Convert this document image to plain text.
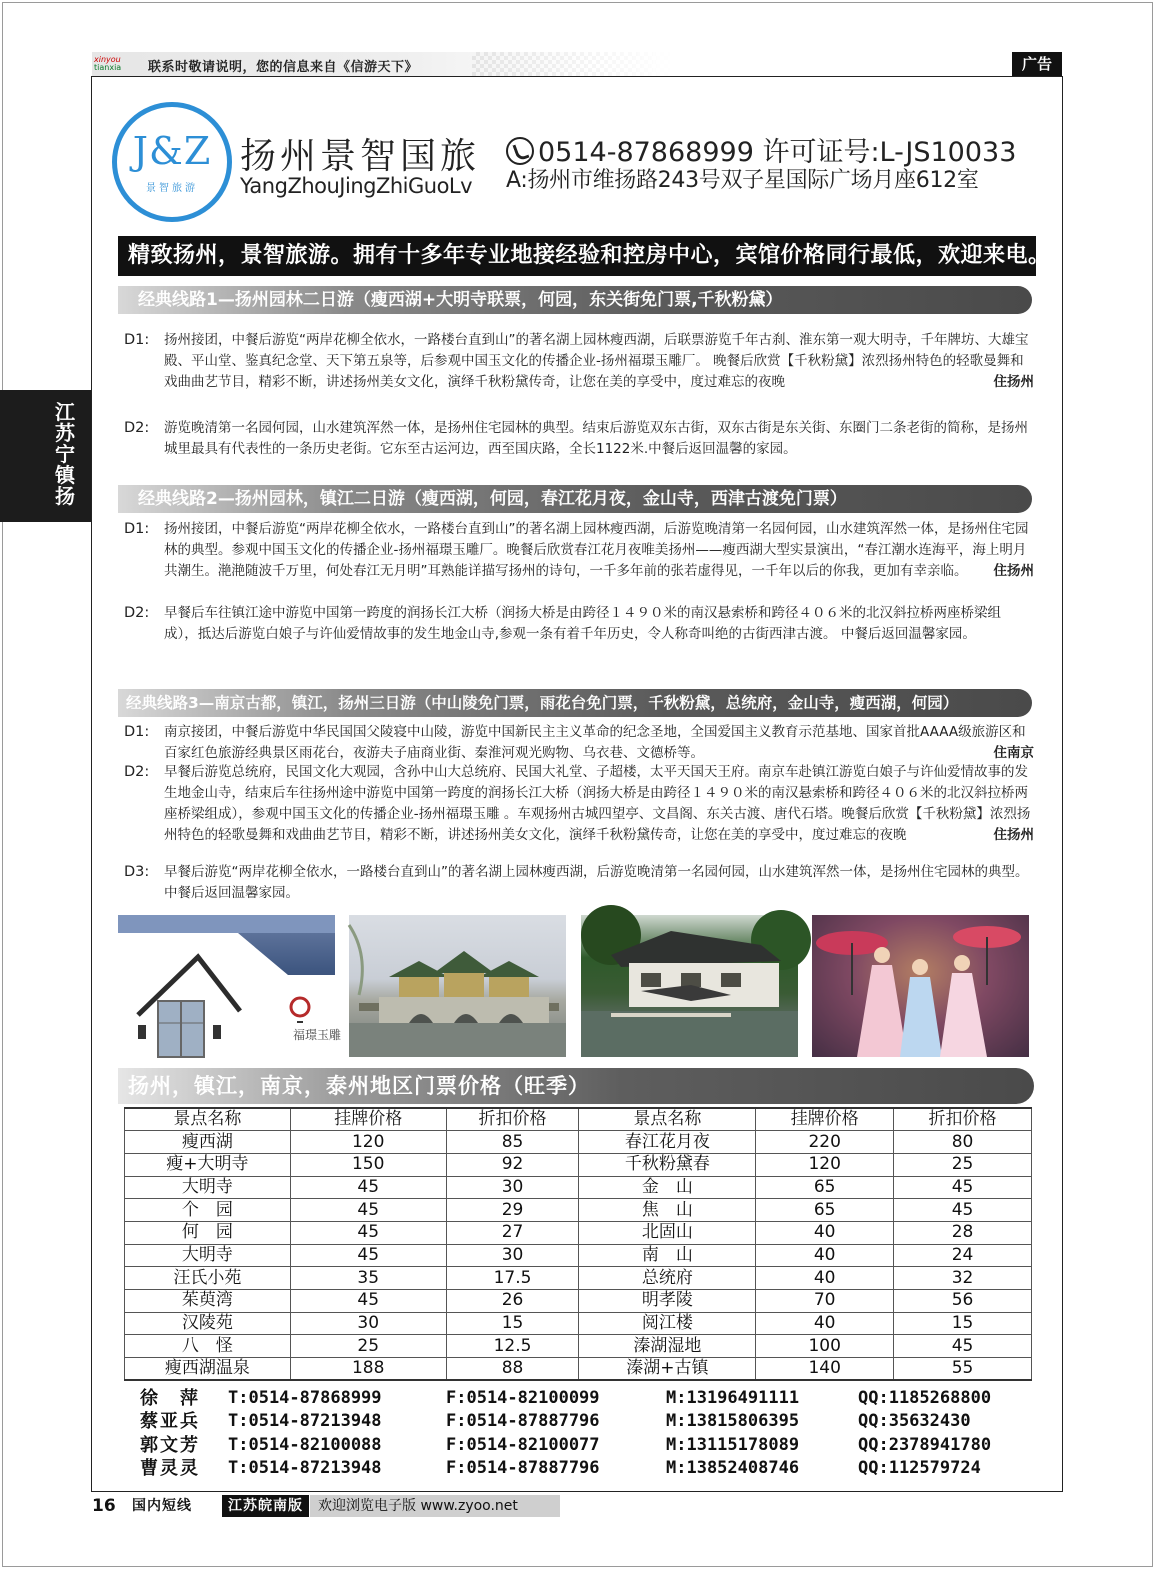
xinyou
tianxia	联系时敬请说明，您的信息来自《信游天下》	广告
江苏宁镇扬
J&Z
景智旅游
扬州景智国旅
YangZhouJingZhiGuoLv
0514-87868999 许可证号:L-JS10033
A:扬州市维扬路243号双子星国际广场月座612室
精致扬州，景智旅游。拥有十多年专业地接经验和控房中心，宾馆价格同行最低，欢迎来电。
经典线路1—扬州园林二日游（瘦西湖+大明寺联票，何园，东关街免门票,千秋粉黛）
D1: 扬州接团，中餐后游览“两岸花柳全依水，一路楼台直到山”的著名湖上园林瘦西湖，后联票游览千年古刹、淮东第一观大明寺，千年牌坊、大雄宝殿、平山堂、鉴真纪念堂、天下第五泉等，后参观中国玉文化的传播企业-扬州福璟玉雕厂。 晚餐后欣赏【千秋粉黛】浓烈扬州特色的轻歌曼舞和戏曲曲艺节目，精彩不断，讲述扬州美女文化，演绎千秋粉黛传奇，让您在美的享受中，度过难忘的夜晚	住扬州
D2: 游览晚清第一名园何园，山水建筑浑然一体，是扬州住宅园林的典型。结束后游览双东古街，双东古街是东关街、东圈门二条老街的简称，是扬州城里最具有代表性的一条历史老街。它东至古运河边，西至国庆路，全长1122米.中餐后返回温馨的家园。
经典线路2—扬州园林，镇江二日游（瘦西湖，何园，春江花月夜，金山寺，西津古渡免门票）
D1: 扬州接团，中餐后游览“两岸花柳全依水，一路楼台直到山”的著名湖上园林瘦西湖，后游览晚清第一名园何园，山水建筑浑然一体，是扬州住宅园林的典型。参观中国玉文化的传播企业-扬州福璟玉雕厂。晚餐后欣赏春江花月夜唯美扬州——瘦西湖大型实景演出，“春江潮水连海平，海上明月共潮生。滟滟随波千万里，何处春江无月明”耳熟能详描写扬州的诗句，一千多年前的张若虚得见，一千年以后的你我，更加有幸亲临。 住扬州
D2: 早餐后车往镇江途中游览中国第一跨度的润扬长江大桥（润扬大桥是由跨径１４９０米的南汉悬索桥和跨径４０６米的北汉斜拉桥两座桥梁组成），抵达后游览白娘子与许仙爱情故事的发生地金山寺,参观一条有着千年历史，令人称奇叫绝的古街西津古渡。 中餐后返回温馨家园。
经典线路3—南京古都，镇江，扬州三日游（中山陵免门票，雨花台免门票，千秋粉黛，总统府，金山寺，瘦西湖，何园）
D1: 南京接团，中餐后游览中华民国国父陵寝中山陵，游览中国新民主主义革命的纪念圣地，全国爱国主义教育示范基地、国家首批AAAA级旅游区和百家红色旅游经典景区雨花台，夜游夫子庙商业街、秦淮河观光购物、乌衣巷、文德桥等。	住南京
D2: 早餐后游览总统府，民国文化大观园，含孙中山大总统府、民国大礼堂、子超楼，太平天国天王府。南京车赴镇江游览白娘子与许仙爱情故事的发生地金山寺，结束后车往扬州途中游览中国第一跨度的润扬长江大桥（润扬大桥是由跨径１４９０米的南汉悬索桥和跨径４０６米的北汉斜拉桥两座桥梁组成），参观中国玉文化的传播企业-扬州福璟玉雕 。车观扬州古城四望亭、文昌阁、东关古渡、唐代石塔。晚餐后欣赏【千秋粉黛】浓烈扬州特色的轻歌曼舞和戏曲曲艺节目，精彩不断，讲述扬州美女文化，演绎千秋粉黛传奇，让您在美的享受中，度过难忘的夜晚	住扬州
D3: 早餐后游览“两岸花柳全依水，一路楼台直到山”的著名湖上园林瘦西湖，后游览晚清第一名园何园，山水建筑浑然一体，是扬州住宅园林的典型。 中餐后返回温馨家园。
福璟玉雕
扬州，镇江，南京，泰州地区门票价格（旺季）
景点名称	挂牌价格	折扣价格	景点名称	挂牌价格	折扣价格
瘦西湖	120	85	春江花月夜	220	80
瘦+大明寺	150	92	千秋粉黛春	120	25
大明寺	45	30	金　山	65	45
个　园	45	29	焦　山	65	45
何　园	45	27	北固山	40	28
大明寺	45	30	南　山	40	24
汪氏小苑	35	17.5	总统府	40	32
茱萸湾	45	26	明孝陵	70	56
汉陵苑	30	15	阅江楼	40	15
八　怪	25	12.5	溱湖湿地	100	45
瘦西湖温泉	188	88	溱湖+古镇	140	55
徐　萍 T:0514-87868999	F:0514-82100099	M:13196491111	QQ:1185268800
蔡亚兵 T:0514-87213948	F:0514-87887796	M:13815806395	QQ:35632430
郭文芳 T:0514-82100088	F:0514-82100077	M:13115178089	QQ:2378941780
曹灵灵 T:0514-87213948	F:0514-87887796	M:13852408746	QQ:112579724
16 国内短线	江苏皖南版	欢迎浏览电子版 www.zyoo.net
